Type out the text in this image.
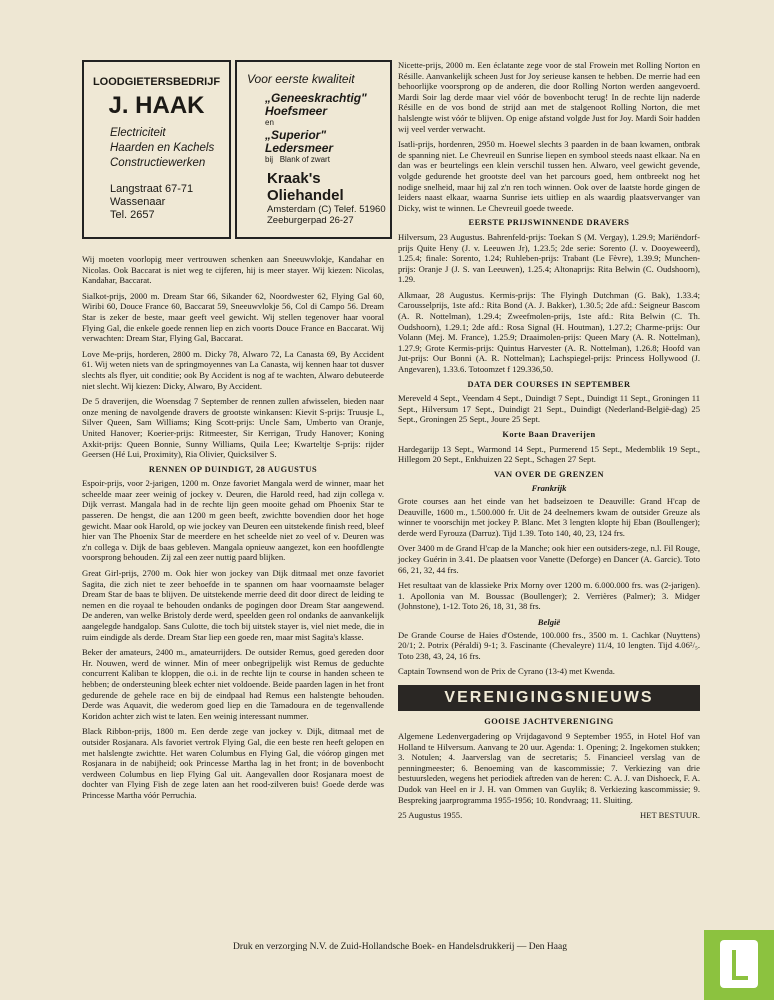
LOODGIETERSBEDRIJF
J. HAAK
Electriciteit
Haarden en Kachels
Constructiewerken
Langstraat 67-71
Wassenaar
Tel. 2657
Voor eerste kwaliteit
„Geneeskrachtig"
Hoefsmeer
en
„Superior"
Ledersmeer
bij Blank of zwart
Kraak's Oliehandel
Amsterdam (C) Telef. 51960
Zeeburgerpad 26-27

Wij moeten voorlopig meer vertrouwen schenken aan Sneeuwvlokje, Kandahar en Nicolas. Ook Baccarat is niet weg te cijferen, hij is meer stayer. Wij kiezen: Nicolas, Kandahar, Baccarat.

Sialkot-prijs, 2000 m. Dream Star 66, Sikander 62, Noordwester 62, Flying Gal 60, Wiribi 60, Douce France 60, Baccarat 59, Sneeuwvlokje 56, Col di Campo 56. Dream Star is zeker de beste, maar geeft veel gewicht. Wij stellen tegenover haar vooral Flying Gal, die enkele goede rennen liep en zich voorts Douce France en Baccarat. Wij verwachten: Dream Star, Flying Gal, Baccarat.

Love Me-prijs, horderen, 2800 m. Dicky 78, Alwaro 72, La Canasta 69, By Accident 61. Wij weten niets van de springmoyennes van La Canasta, wij kennen haar tot dusver slechts als flyer, uit conditie; ook By Accident is nog af te wachten, Alwaro debuteerde niet slecht. Wij kiezen: Dicky, Alwaro, By Accident.

De 5 draverijen, die Woensdag 7 September de rennen zullen afwisselen, bieden naar onze mening de navolgende dravers de grootste winkansen: Kievit S-prijs: Truusje L, Silver Queen, Sam Williams; King Scott-prijs: Uncle Sam, Umberto van Oranje, United Hanover; Koerier-prijs: Ritmeester, Sir Kerrigan, Trudy Hanover; Koning Axkit-prijs: Queen Bonnie, Sunny Williams, Quila Lee; Kwarteltje S-prijs: rijder Geersen (Hé Lui, Proximity), Ria Olivier, Quicksilver S.

RENNEN OP DUINDIGT, 28 AUGUSTUS

Espoir-prijs, voor 2-jarigen, 1200 m. Onze favoriet Mangala werd de winner, maar het scheelde maar zeer weinig of jockey v. Deuren, die Harold reed, had zijn collega v. Dijk verrast. Mangala had in de rechte lijn geen mooite gehad om Phoenix Star te passeren. De hengst, die aan 1200 m geen beeft, zwichtte bovendien door het hoge gewicht. Maar ook Harold, op wie jockey van Deuren een uitstekende finish reed, bleef hier van The Phoenix Star de meerdere en het scheelde niet zo veel of v. Deuren was z'n collega v. Dijk de baas gebleven. Mangala opnieuw aangezet, kon een hoofdlengte voorsprong behouden. Zij zal een zeer nuttig paard blijken.

Great Girl-prijs, 2700 m. Ook hier won jockey van Dijk ditmaal met onze favoriet Sagita, die zich niet te zeer behoefde in te spannen om haar voornaamste belager Dream Star de baas te blijven. De uitstekende merrie deed dit door direct de leiding te nemen en die royaal te behouden ondanks de pogingen door Dream Star aangewend. De anderen, van welke Bristoly derde werd, speelden geen rol ondanks de aanvankelijk aangelegde handgalop. Sans Culotte, die toch bij uitstek stayer is, viel niet mede, die in ruim eindigde als derde. Dream Star liep een goede ren, maar mist Sagita's klasse.

Beker der amateurs, 2400 m., amateurrijders. De outsider Remus, goed gereden door Hr. Nouwen, werd de winner. Min of meer onbegrijpelijk wist Remus de geduchte concurrent Kaliban te kloppen, die o.i. in de rechte lijn te course in handen scheen te hebben; de ondersteuning bleek echter niet voldoende. Beide paarden lagen in het front gedurende de gehele race en bij de eindpaal had Remus een halstengte behouden. Derde was Aquavit, die wederom goed liep en die Tamadoura en de tegenvallende Koridon achter zich wist te laten. Een weinig interessant nummer.

Black Ribbon-prijs, 1800 m. Een derde zege van jockey v. Dijk, ditmaal met de outsider Rosjanara. Als favoriet vertrok Flying Gal, die een beste ren heeft gelopen en met halslengte zwichtte. Het waren Columbus en Flying Gal, die vóórop gingen met Rosjanara in de nabijheid; ook Princesse Martha lag in het front; in de bovenbocht verdween Columbus en liep Flying Gal uit. Aangevallen door Rosjanara moest de dochter van Flying Fish de zege laten aan het rood-zilveren buis! Goede derde was Princesse Martha vóór Perruchia.

Nicette-prijs, 2000 m. Een éclatante zege voor de stal Frowein met Rolling Norton en Résille. Aanvankelijk scheen Just for Joy serieuse kansen te hebben. De merrie had een behoorlijke voorsprong op de anderen, die door Rolling Norton werden aangevoerd. Mardi Soir lag derde maar viel vóór de bovenbocht terug! In de rechte lijn naderde Résille en de vos bond de strijd aan met de stalgenoot Rolling Norton, die met halslengte wist vóór te blijven. Op enige afstand volgde Just for Joy. Mardi Soir hadden wij veel verder verwacht.

Isatli-prijs, hordenren, 2950 m. Hoewel slechts 3 paarden in de baan kwamen, ontbrak de spanning niet. Le Chevreuil en Sunrise liepen en symbool steeds naast elkaar. Na en dan was er beurtelings een klein verschil tussen hen. Alwaro, veel gewicht gevende, volgde gedurende het grootste deel van het parcours goed, hem ontbreekt nog het nodige snelheid, maar hij zal z'n ren toch winnen. Ook over de laatste horde gingen de leiders naast elkaar, waarna Sunrise iets uitliep en als waardig plaatsvervanger van Dicky, wist te winnen. Le Chevreuil goede tweede.

EERSTE PRIJSWINNENDE DRAVERS

Hilversum, 23 Augustus. Bahrenfeld-prijs: Toekan S (M. Vergay), 1.29.9; Mariëndorf-prijs Quite Heny (J. v. Leeuwen Jr), 1.23.5; 2de serie: Sorento (J. v. Dooyeweerd), 1.25.4; finale: Sorento, 1.24; Ruhleben-prijs: Trabant (Le Fèvre), 1.39.9; Munchen-prijs: Oranje J (J. S. van Leeuwen), 1.25.4; Altonaprijs: Rita Belwin (C. Oudshoorn), 1.29.

Alkmaar, 28 Augustus. Kermis-prijs: The Flyingh Dutchman (G. Bak), 1.33.4; Carousselprijs, 1ste afd.: Rita Bond (A. J. Bakker), 1.30.5; 2de afd.: Seigneur Bascom (A. R. Nottelman), 1.29.4; Zweefmolen-prijs, 1ste afd.: Rita Belwin (C. Th. Oudshoorn), 1.29.1; 2de afd.: Rosa Signal (H. Houtman), 1.27.2; Charme-prijs: Our Volann (Mej. M. France), 1.25.9; Draaimolen-prijs: Queen Mary (A. R. Nottelman), 1.27.9; Grote Kermis-prijs: Quintus Harvester (A. R. Nottelman), 1.26.8; Hoofd van Jut-prijs: Our Bonni (A. R. Nottelman); Lachspiegel-prijs: Princess Hollywood (J. Angevaren), 1.33.6. Totoomzet f 129.336,50.

DATA DER COURSES IN SEPTEMBER

Mereveld 4 Sept., Veendam 4 Sept., Duindigt 7 Sept., Duindigt 11 Sept., Groningen 11 Sept., Hilversum 17 Sept., Duindigt 21 Sept., Duindigt (Nederland-België-dag) 25 Sept., Groningen 25 Sept., Joure 25 Sept.

Korte Baan Draverijen

Hardegarijp 13 Sept., Warmond 14 Sept., Purmerend 15 Sept., Medemblik 19 Sept., Hillegom 20 Sept., Enkhuizen 22 Sept., Schagen 27 Sept.

VAN OVER DE GRENZEN
Frankrijk

Grote courses aan het einde van het badseizoen te Deauville: Grand H'cap de Deauville, 1600 m., 1.500.000 fr. Uit de 24 deelnemers kwam de outsider Greuze als winner te voorschijn met jockey P. Blanc. Met 3 lengten klopte hij Eban (Boullenger); derde werd Fyrouza (Darruz). Tijd 1.39. Toto 140, 40, 23, 124 frs.

Over 3400 m de Grand H'cap de la Manche; ook hier een outsiders-zege, n.l. Fil Rouge, jockey Guérin in 3.41. De plaatsen voor Vanette (Deforge) en Dancer (A. Garcic). Toto 66, 21, 32, 44 frs.

Het resultaat van de klassieke Prix Morny over 1200 m. 6.000.000 frs. was (2-jarigen). 1. Apollonia van M. Boussac (Boullenger); 2. Verrières (Palmer); 3. Midger (Johnstone), 1-12. Toto 26, 18, 31, 38 frs.

België

De Grande Course de Haies d'Ostende, 100.000 frs., 3500 m. 1. Cachkar (Nuyttens) 20/1; 2. Potrix (Péraldi) 9-1; 3. Fascinante (Chevaleyre) 11/4, 10 lengten. Tijd 4.06²/₅. Toto 238, 43, 24, 16 frs.

Captain Townsend won de Prix de Cyrano (13-4) met Kwenda.

VERENIGINGSNIEUWS
GOOISE JACHTVERENIGING

Algemene Ledenvergadering op Vrijdagavond 9 September 1955, in Hotel Hof van Holland te Hilversum. Aanvang te 20 uur. Agenda: 1. Opening; 2. Ingekomen stukken; 3. Notulen; 4. Jaarverslag van de secretaris; 5. Financieel verslag van de penningmeester; 6. Benoeming van de kascommissie; 7. Verkiezing van drie bestuursleden, wegens het periodiek aftreden van de heren: C. A. J. van Dishoeck, F. A. Dudok van Heel en ir J. H. van Ommen van Guylik; 8. Verkiezing kascommissie; 9. Bespreking jaarprogramma 1955-1956; 10. Rondvraag; 11. Sluiting.

25 Augustus 1955.	HET BESTUUR.
Druk en verzorging N.V. de Zuid-Hollandsche Boek- en Handelsdrukkerij — Den Haag
